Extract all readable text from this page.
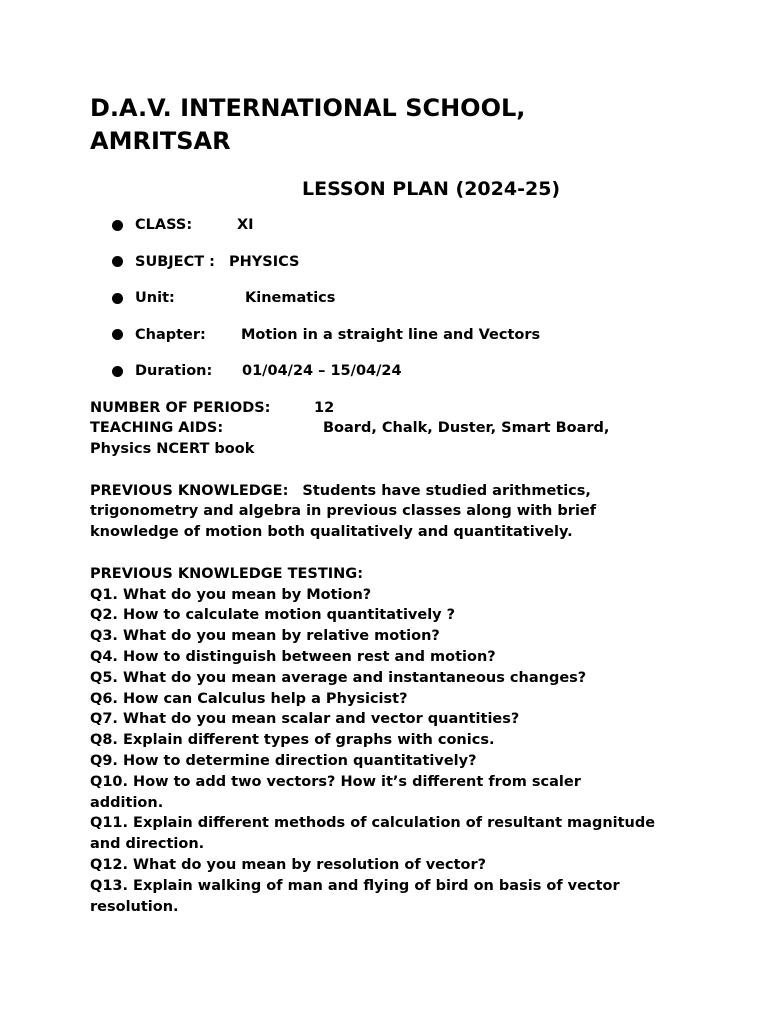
D.A.V. INTERNATIONAL SCHOOL,
AMRITSAR
LESSON PLAN (2024-25)
CLASS:	XI
SUBJECT : PHYSICS
Unit:	Kinematics
Chapter:	Motion in a straight line and Vectors
Duration:	01/04/24 – 15/04/24
NUMBER OF PERIODS:	12
TEACHING AIDS:	Board, Chalk, Duster, Smart Board,
Physics NCERT book
PREVIOUS KNOWLEDGE: Students have studied arithmetics,
trigonometry and algebra in previous classes along with brief
knowledge of motion both qualitatively and quantitatively.
PREVIOUS KNOWLEDGE TESTING:
Q1. What do you mean by Motion?
Q2. How to calculate motion quantitatively ?
Q3. What do you mean by relative motion?
Q4. How to distinguish between rest and motion?
Q5. What do you mean average and instantaneous changes?
Q6. How can Calculus help a Physicist?
Q7. What do you mean scalar and vector quantities?
Q8. Explain different types of graphs with conics.
Q9. How to determine direction quantitatively?
Q10. How to add two vectors? How it’s different from scaler
addition.
Q11. Explain different methods of calculation of resultant magnitude
and direction.
Q12. What do you mean by resolution of vector?
Q13. Explain walking of man and flying of bird on basis of vector
resolution.
